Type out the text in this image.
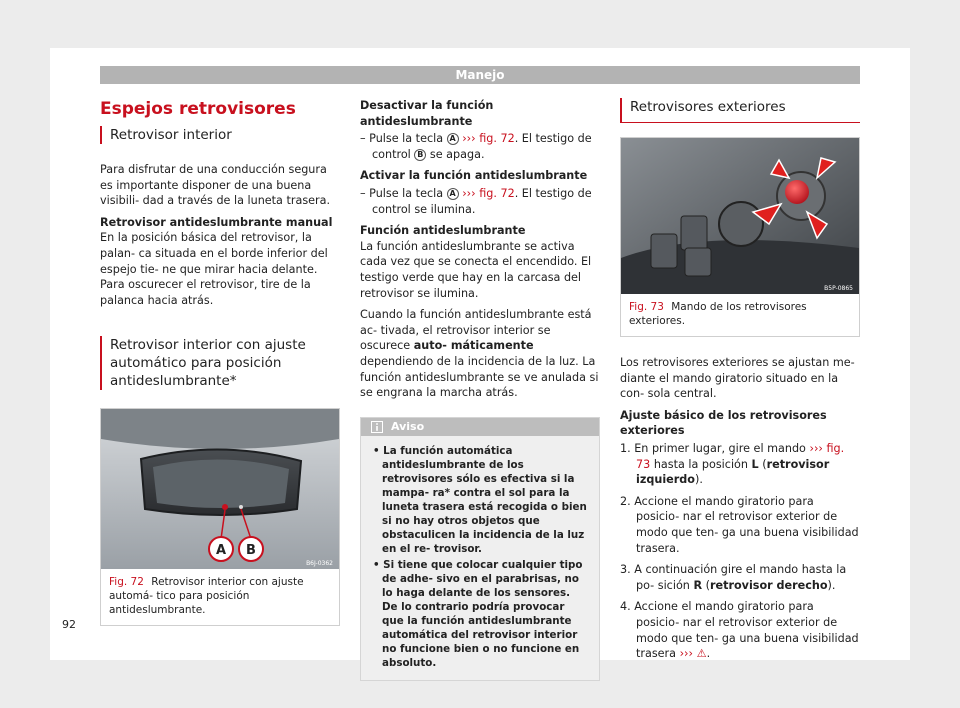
Manejo
Espejos retrovisores
Retrovisor interior

Para disfrutar de una conducción segura es importante disponer de una buena visibili- dad a través de la luneta trasera.

Retrovisor antideslumbrante manual

En la posición básica del retrovisor, la palan- ca situada en el borde inferior del espejo tie- ne que mirar hacia delante. Para oscurecer el retrovisor, tire de la palanca hacia atrás.

Retrovisor interior con ajuste automático para posición antideslumbrante*
A B
B6J-0362
Fig. 72 Retrovisor interior con ajuste automá- tico para posición antideslumbrante.

Desactivar la función antideslumbrante

– Pulse la tecla A ››› fig. 72. El testigo de control B se apaga.

Activar la función antideslumbrante

– Pulse la tecla A ››› fig. 72. El testigo de control se ilumina.

Función antideslumbrante

La función antideslumbrante se activa cada vez que se conecta el encendido. El testigo verde que hay en la carcasa del retrovisor se ilumina.

Cuando la función antideslumbrante está ac- tivada, el retrovisor interior se oscurece auto- máticamente dependiendo de la incidencia de la luz. La función antideslumbrante se ve anulada si se engrana la marcha atrás.

Aviso

• La función automática antideslumbrante de los retrovisores sólo es efectiva si la mampa- ra* contra el sol para la luneta trasera está recogida o bien si no hay otros objetos que obstaculicen la incidencia de la luz en el re- trovisor.

• Si tiene que colocar cualquier tipo de adhe- sivo en el parabrisas, no lo haga delante de los sensores. De lo contrario podría provocar que la función antideslumbrante automática del retrovisor interior no funcione bien o no funcione en absoluto.

Retrovisores exteriores
B5P-0865
Fig. 73 Mando de los retrovisores exteriores.

Los retrovisores exteriores se ajustan me- diante el mando giratorio situado en la con- sola central.

Ajuste básico de los retrovisores exteriores

1. En primer lugar, gire el mando ››› fig. 73 hasta la posición L (retrovisor izquierdo).
2. Accione el mando giratorio para posicio- nar el retrovisor exterior de modo que ten- ga una buena visibilidad trasera.
3. A continuación gire el mando hasta la po- sición R (retrovisor derecho).
4. Accione el mando giratorio para posicio- nar el retrovisor exterior de modo que ten- ga una buena visibilidad trasera ››› ⚠.
92
